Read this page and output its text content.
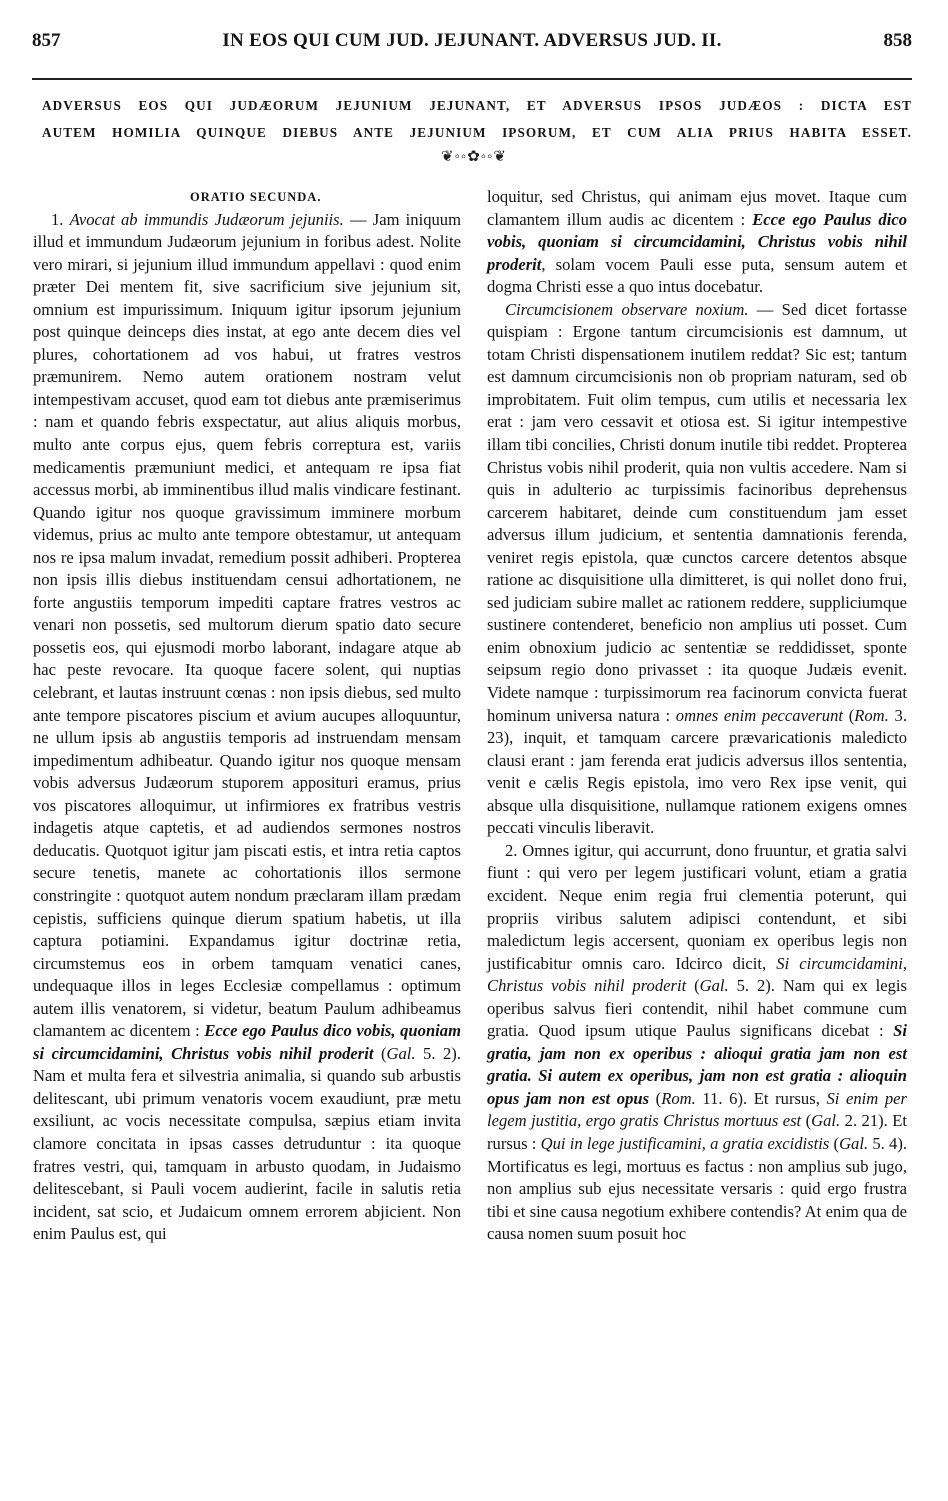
857	IN EOS QUI CUM JUD. JEJUNANT. ADVERSUS JUD. II.	858
ADVERSUS EOS QUI JUDÆORUM JEJUNIUM JEJUNANT, ET ADVERSUS IPSOS JUDÆOS : DICTA EST
AUTEM HOMILIA QUINQUE DIEBUS ANTE JEJUNIUM IPSORUM, ET CUM ALIA PRIUS HABITA ESSET.
❦◦◦✿◦◦❦
ORATIO SECUNDA.

1. Avocat ab immundis Judæorum jejuniis. — Jam iniquum illud et immundum Judæorum jejunium in foribus adest. Nolite vero mirari, si jejunium illud immundum appellavi : quod enim præter Dei mentem fit, sive sacrificium sive jejunium sit, omnium est impurissimum. Iniquum igitur ipsorum jejunium post quinque deinceps dies instat, at ego ante decem dies vel plures, cohortationem ad vos habui, ut fratres vestros præmunirem. Nemo autem orationem nostram velut intempestivam accuset, quod eam tot diebus ante præmiserimus : nam et quando febris exspectatur, aut alius aliquis morbus, multo ante corpus ejus, quem febris correptura est, variis medicamentis præmuniunt medici, et antequam re ipsa fiat accessus morbi, ab imminentibus illud malis vindicare festinant. Quando igitur nos quoque gravissimum imminere morbum videmus, prius ac multo ante tempore obtestamur, ut antequam nos re ipsa malum invadat, remedium possit adhiberi. Propterea non ipsis illis diebus instituendam censui adhortationem, ne forte angustiis temporum impediti captare fratres vestros ac venari non possetis, sed multorum dierum spatio dato secure possetis eos, qui ejusmodi morbo laborant, indagare atque ab hac peste revocare. Ita quoque facere solent, qui nuptias celebrant, et lautas instruunt cœnas : non ipsis diebus, sed multo ante tempore piscatores piscium et avium aucupes alloquuntur, ne ullum ipsis ab angustiis temporis ad instruendam mensam impedimentum adhibeatur. Quando igitur nos quoque mensam vobis adversus Judæorum stuporem apposituri eramus, prius vos piscatores alloquimur, ut infirmiores ex fratribus vestris indagetis atque captetis, et ad audiendos sermones nostros deducatis. Quotquot igitur jam piscati estis, et intra retia captos secure tenetis, manete ac cohortationis illos sermone constringite : quotquot autem nondum præclaram illam prædam cepistis, sufficiens quinque dierum spatium habetis, ut illa captura potiamini. Expandamus igitur doctrinæ retia, circumstemus eos in orbem tamquam venatici canes, undequaque illos in leges Ecclesiæ compellamus : optimum autem illis venatorem, si videtur, beatum Paulum adhibeamus clamantem ac dicentem : Ecce ego Paulus dico vobis, quoniam si circumcidamini, Christus vobis nihil proderit (Gal. 5. 2). Nam et multa fera et silvestria animalia, si quando sub arbustis delitescant, ubi primum venatoris vocem exaudiunt, præ metu exsiliunt, ac vocis necessitate compulsa, sæpius etiam invita clamore concitata in ipsas casses detruduntur : ita quoque fratres vestri, qui, tamquam in arbusto quodam, in Judaismo delitescebant, si Pauli vocem audierint, facile in salutis retia incident, sat scio, et Judaicum omnem errorem abjicient. Non enim Paulus est, qui

loquitur, sed Christus, qui animam ejus movet. Itaque cum clamantem illum audis ac dicentem : Ecce ego Paulus dico vobis, quoniam si circumcidamini, Christus vobis nihil proderit, solam vocem Pauli esse puta, sensum autem et dogma Christi esse a quo intus docebatur.

Circumcisionem observare noxium. — Sed dicet fortasse quispiam : Ergone tantum circumcisionis est damnum, ut totam Christi dispensationem inutilem reddat? Sic est; tantum est damnum circumcisionis non ob propriam naturam, sed ob improbitatem. Fuit olim tempus, cum utilis et necessaria lex erat : jam vero cessavit et otiosa est. Si igitur intempestive illam tibi concilies, Christi donum inutile tibi reddet. Propterea Christus vobis nihil proderit, quia non vultis accedere. Nam si quis in adulterio ac turpissimis facinoribus deprehensus carcerem habitaret, deinde cum constituendum jam esset adversus illum judicium, et sententia damnationis ferenda, veniret regis epistola, quæ cunctos carcere detentos absque ratione ac disquisitione ulla dimitteret, is qui nollet dono frui, sed judiciam subire mallet ac rationem reddere, suppliciumque sustinere contenderet, beneficio non amplius uti posset. Cum enim obnoxium judicio ac sententiæ se reddidisset, sponte seipsum regio dono privasset : ita quoque Judæis evenit. Videte namque : turpissimorum rea facinorum convicta fuerat hominum universa natura : omnes enim peccaverunt (Rom. 3. 23), inquit, et tamquam carcere prævaricationis maledicto clausi erant : jam ferenda erat judicis adversus illos sententia, venit e cælis Regis epistola, imo vero Rex ipse venit, qui absque ulla disquisitione, nullamque rationem exigens omnes peccati vinculis liberavit.

2. Omnes igitur, qui accurrunt, dono fruuntur, et gratia salvi fiunt : qui vero per legem justificari volunt, etiam a gratia excident. Neque enim regia frui clementia poterunt, qui propriis viribus salutem adipisci contendunt, et sibi maledictum legis accersent, quoniam ex operibus legis non justificabitur omnis caro. Idcirco dicit, Si circumcidamini, Christus vobis nihil proderit (Gal. 5. 2). Nam qui ex legis operibus salvus fieri contendit, nihil habet commune cum gratia. Quod ipsum utique Paulus significans dicebat : Si gratia, jam non ex operibus : alioqui gratia jam non est gratia. Si autem ex operibus, jam non est gratia : alioquin opus jam non est opus (Rom. 11. 6). Et rursus, Si enim per legem justitia, ergo gratis Christus mortuus est (Gal. 2. 21). Et rursus : Qui in lege justificamini, a gratia excidistis (Gal. 5. 4). Mortificatus es legi, mortuus es factus : non amplius sub jugo, non amplius sub ejus necessitate versaris : quid ergo frustra tibi et sine causa negotium exhibere contendis? At enim qua de causa nomen suum posuit hoc
